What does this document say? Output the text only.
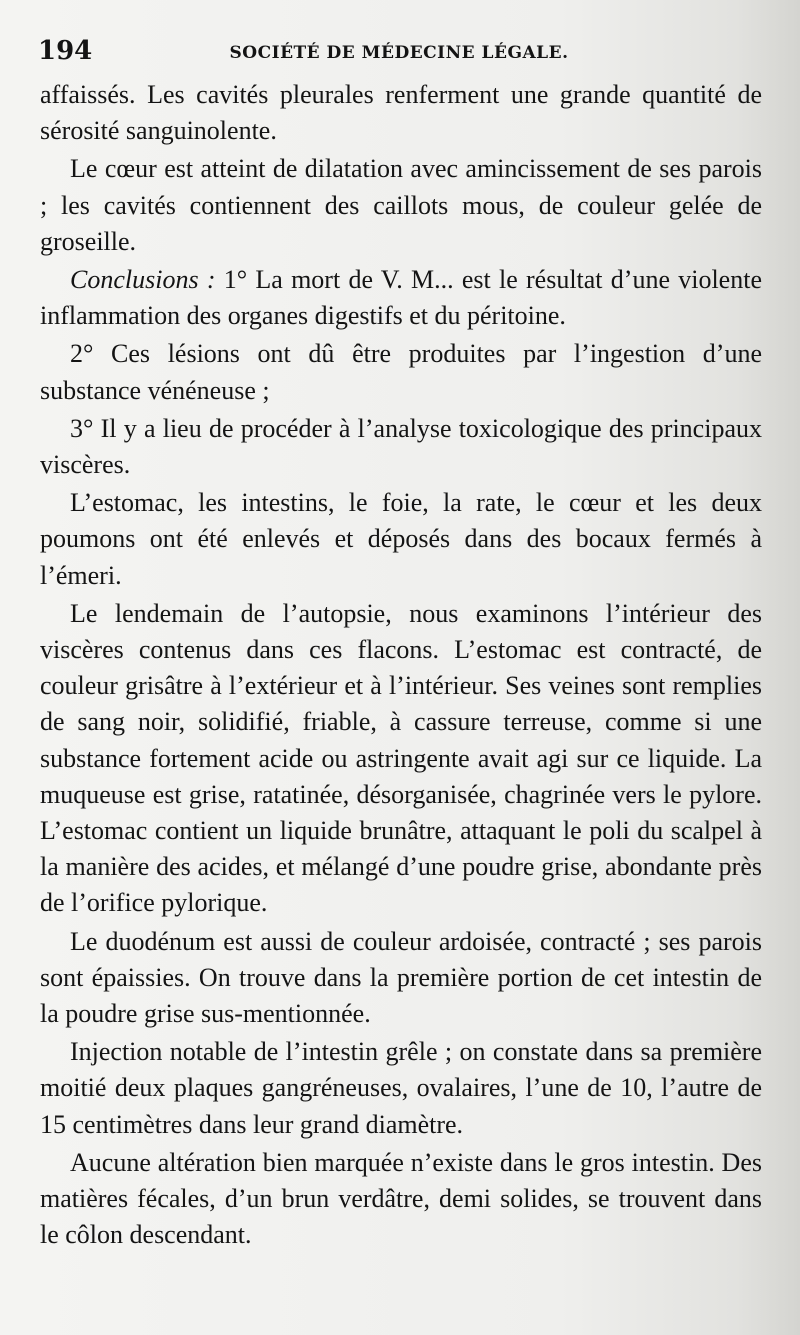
194	SOCIÉTÉ DE MÉDECINE LÉGALE.

affaissés. Les cavités pleurales renferment une grande quantité de sérosité sanguinolente.

Le cœur est atteint de dilatation avec amincissement de ses parois ; les cavités contiennent des caillots mous, de couleur gelée de groseille.

Conclusions : 1° La mort de V. M... est le résultat d’une violente inflammation des organes digestifs et du péritoine.

2° Ces lésions ont dû être produites par l’ingestion d’une substance vénéneuse ;

3° Il y a lieu de procéder à l’analyse toxicologique des principaux viscères.

L’estomac, les intestins, le foie, la rate, le cœur et les deux poumons ont été enlevés et déposés dans des bocaux fermés à l’émeri.

Le lendemain de l’autopsie, nous examinons l’intérieur des viscères contenus dans ces flacons. L’estomac est contracté, de couleur grisâtre à l’extérieur et à l’intérieur. Ses veines sont remplies de sang noir, solidifié, friable, à cassure terreuse, comme si une substance fortement acide ou astringente avait agi sur ce liquide. La muqueuse est grise, ratatinée, désorganisée, chagrinée vers le pylore. L’estomac contient un liquide brunâtre, attaquant le poli du scalpel à la manière des acides, et mélangé d’une poudre grise, abondante près de l’orifice pylorique.

Le duodénum est aussi de couleur ardoisée, contracté ; ses parois sont épaissies. On trouve dans la première portion de cet intestin de la poudre grise sus-mentionnée.

Injection notable de l’intestin grêle ; on constate dans sa première moitié deux plaques gangréneuses, ovalaires, l’une de 10, l’autre de 15 centimètres dans leur grand diamètre.

Aucune altération bien marquée n’existe dans le gros intestin. Des matières fécales, d’un brun verdâtre, demi solides, se trouvent dans le côlon descendant.
